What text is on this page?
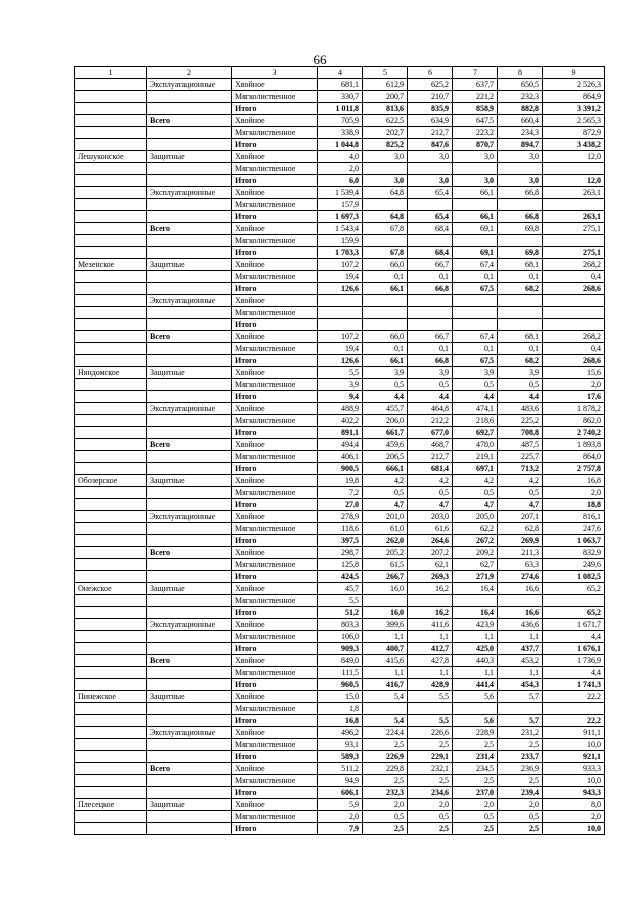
66
1	2	3	4	5	6	7	8	9
	Эксплуатационные	Хвойное	681,1	612,9	625,2	637,7	650,5	2 526,3
		Мягколиственное	330,7	200,7	210,7	221,2	232,3	864,9
		Итого	1 011,8	813,6	835,9	858,9	882,8	3 391,2
	Всего	Хвойное	705,9	622,5	634,9	647,5	660,4	2 565,3
		Мягколиственное	338,9	202,7	212,7	223,2	234,3	872,9
		Итого	1 044,8	825,2	847,6	870,7	894,7	3 438,2
Лешуконское	Защитные	Хвойное	4,0	3,0	3,0	3,0	3,0	12,0
		Мягколиственное	2,0					
		Итого	6,0	3,0	3,0	3,0	3,0	12,0
	Эксплуатационные	Хвойное	1 539,4	64,8	65,4	66,1	66,8	263,1
		Мягколиственное	157,9					
		Итого	1 697,3	64,8	65,4	66,1	66,8	263,1
	Всего	Хвойное	1 543,4	67,8	68,4	69,1	69,8	275,1
		Мягколиственное	159,9					
		Итого	1 703,3	67,8	68,4	69,1	69,8	275,1
Мезенское	Защитные	Хвойное	107,2	66,0	66,7	67,4	68,1	268,2
		Мягколиственное	19,4	0,1	0,1	0,1	0,1	0,4
		Итого	126,6	66,1	66,8	67,5	68,2	268,6
	Эксплуатационные	Хвойное						
		Мягколиственное						
		Итого						
	Всего	Хвойное	107,2	66,0	66,7	67,4	68,1	268,2
		Мягколиственное	19,4	0,1	0,1	0,1	0,1	0,4
		Итого	126,6	66,1	66,8	67,5	68,2	268,6
Няндомское	Защитные	Хвойное	5,5	3,9	3,9	3,9	3,9	15,6
		Мягколиственное	3,9	0,5	0,5	0,5	0,5	2,0
		Итого	9,4	4,4	4,4	4,4	4,4	17,6
	Эксплуатационные	Хвойное	488,9	455,7	464,8	474,1	483,6	1 878,2
		Мягколиственное	402,2	206,0	212,2	218,6	225,2	862,0
		Итого	891,1	661,7	677,0	692,7	708,8	2 740,2
	Всего	Хвойное	494,4	459,6	468,7	478,0	487,5	1 893,8
		Мягколиственное	406,1	206,5	212,7	219,1	225,7	864,0
		Итого	900,5	666,1	681,4	697,1	713,2	2 757,8
Обозерское	Защитные	Хвойное	19,8	4,2	4,2	4,2	4,2	16,8
		Мягколиственное	7,2	0,5	0,5	0,5	0,5	2,0
		Итого	27,0	4,7	4,7	4,7	4,7	18,8
	Эксплуатационные	Хвойное	278,9	201,0	203,0	205,0	207,1	816,1
		Мягколиственное	118,6	61,0	61,6	62,2	62,8	247,6
		Итого	397,5	262,0	264,6	267,2	269,9	1 063,7
	Всего	Хвойное	298,7	205,2	207,2	209,2	211,3	832,9
		Мягколиственное	125,8	61,5	62,1	62,7	63,3	249,6
		Итого	424,5	266,7	269,3	271,9	274,6	1 082,5
Онежское	Защитные	Хвойное	45,7	16,0	16,2	16,4	16,6	65,2
		Мягколиственное	5,5					
		Итого	51,2	16,0	16,2	16,4	16,6	65,2
	Эксплуатационные	Хвойное	803,3	399,6	411,6	423,9	436,6	1 671,7
		Мягколиственное	106,0	1,1	1,1	1,1	1,1	4,4
		Итого	909,3	400,7	412,7	425,0	437,7	1 676,1
	Всего	Хвойное	849,0	415,6	427,8	440,3	453,2	1 736,9
		Мягколиственное	111,5	1,1	1,1	1,1	1,1	4,4
		Итого	960,5	416,7	428,9	441,4	454,3	1 741,3
Пинежское	Защитные	Хвойное	15,0	5,4	5,5	5,6	5,7	22,2
		Мягколиственное	1,8					
		Итого	16,8	5,4	5,5	5,6	5,7	22,2
	Эксплуатационные	Хвойное	496,2	224,4	226,6	228,9	231,2	911,1
		Мягколиственное	93,1	2,5	2,5	2,5	2,5	10,0
		Итого	589,3	226,9	229,1	231,4	233,7	921,1
	Всего	Хвойное	511,2	229,8	232,1	234,5	236,9	933,3
		Мягколиственное	94,9	2,5	2,5	2,5	2,5	10,0
		Итого	606,1	232,3	234,6	237,0	239,4	943,3
Плесецкое	Защитные	Хвойное	5,9	2,0	2,0	2,0	2,0	8,0
		Мягколиственное	2,0	0,5	0,5	0,5	0,5	2,0
		Итого	7,9	2,5	2,5	2,5	2,5	10,0
